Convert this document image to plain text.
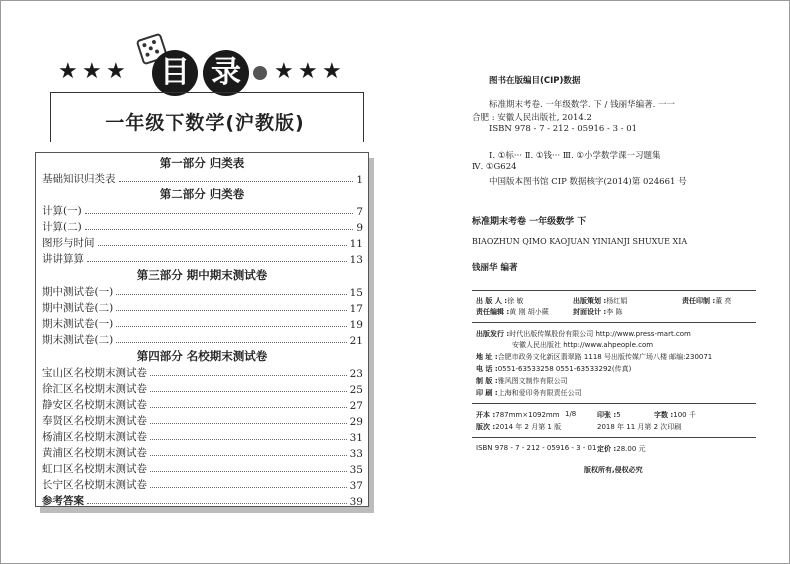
★ ★ ★ 目 录	★ ★ ★
一年级下数学(沪教版)
第一部分 归类表
基础知识归类表	1
第二部分 归类卷
计算(一)	7
计算(二)	9
图形与时间	11
讲讲算算	13
第三部分 期中期末测试卷
期中测试卷(一)	15
期中测试卷(二)	17
期末测试卷(一)	19
期末测试卷(二)	21
第四部分 名校期末测试卷
宝山区名校期末测试卷	23
徐汇区名校期末测试卷	25
静安区名校期末测试卷	27
奉贤区名校期末测试卷	29
杨浦区名校期末测试卷	31
黄浦区名校期末测试卷	33
虹口区名校期末测试卷	35
长宁区名校期末测试卷	37
参考答案	39
图书在版编目(CIP)数据
标准期末考卷. 一年级数学. 下 / 钱丽华编著. 一一
合肥 : 安徽人民出版社, 2014.2
ISBN 978 - 7 - 212 - 05916 - 3 - 01
Ⅰ. ①标··· Ⅱ. ①钱··· Ⅲ. ①小学数学课一习题集
Ⅳ. ①G624
中国版本图书馆 CIP 数据核字(2014)第 024661 号
标准期末考卷 一年级数学 下
BIAOZHUN QIMO KAOJUAN YINIANJI SHUXUE XIA
钱丽华 编著
出 版 人 :徐 敏	出版策划 :杨红娟	责任印制 :董 亮
责任编辑 :黄 刚 胡小蕨	封面设计 :李 陈
出版发行 :时代出版传媒股份有限公司 http://www.press-mart.com
安徽人民出版社 http://www.ahpeople.com
地 址 :合肥市政务文化新区翡翠路 1118 号出版传媒广场八楼 邮编:230071
电 话 :0551-63533258 0551-63533292(传真)
制 版 :雅风图文制作有限公司
印 刷 :上海和爱印务有限责任公司
开本 :787mm×1092mm 1/8	印张 :5	字数 :100 千
版次 :2014 年 2 月第 1 版	2018 年 11 月第 2 次印刷
ISBN 978 - 7 - 212 - 05916 - 3 - 01 定价 :28.00 元
版权所有,侵权必究
